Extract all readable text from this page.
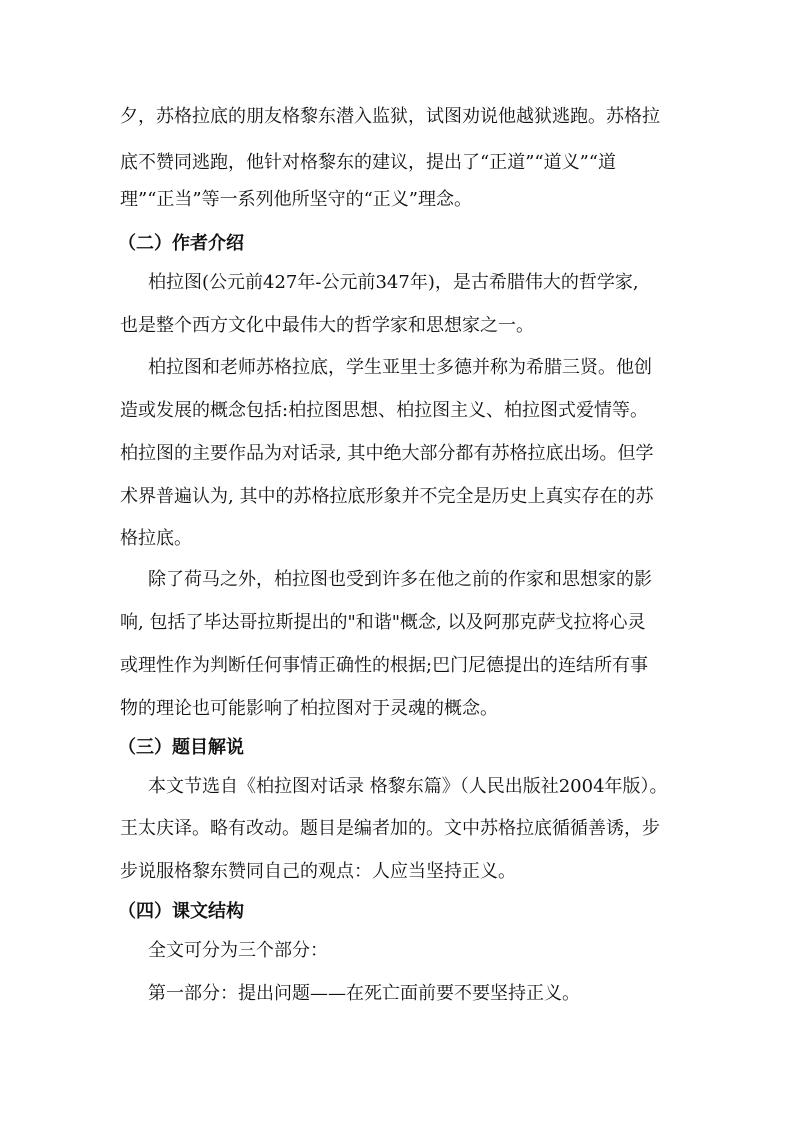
夕，苏格拉底的朋友格黎东潜入监狱，试图劝说他越狱逃跑。苏格拉
底不赞同逃跑，他针对格黎东的建议，提出了“正道”“道义”“道
理”“正当”等一系列他所坚守的“正义”理念。
（二）作者介绍
柏拉图(公元前427年-公元前347年)，是古希腊伟大的哲学家,
也是整个西方文化中最伟大的哲学家和思想家之一。
柏拉图和老师苏格拉底，学生亚里士多德并称为希腊三贤。他创
造或发展的概念包括:柏拉图思想、柏拉图主义、柏拉图式爱情等。
柏拉图的主要作品为对话录, 其中绝大部分都有苏格拉底出场。但学
术界普遍认为, 其中的苏格拉底形象并不完全是历史上真实存在的苏
格拉底。
除了荷马之外，柏拉图也受到许多在他之前的作家和思想家的影
响, 包括了毕达哥拉斯提出的"和谐"概念, 以及阿那克萨戈拉将心灵
或理性作为判断任何事情正确性的根据;巴门尼德提出的连结所有事
物的理论也可能影响了柏拉图对于灵魂的概念。
（三）题目解说
本文节选自《柏拉图对话录 格黎东篇》（人民出版社2004年版）。
王太庆译。略有改动。题目是编者加的。文中苏格拉底循循善诱，步
步说服格黎东赞同自己的观点：人应当坚持正义。
（四）课文结构
全文可分为三个部分：
第一部分：提出问题——在死亡面前要不要坚持正义。
